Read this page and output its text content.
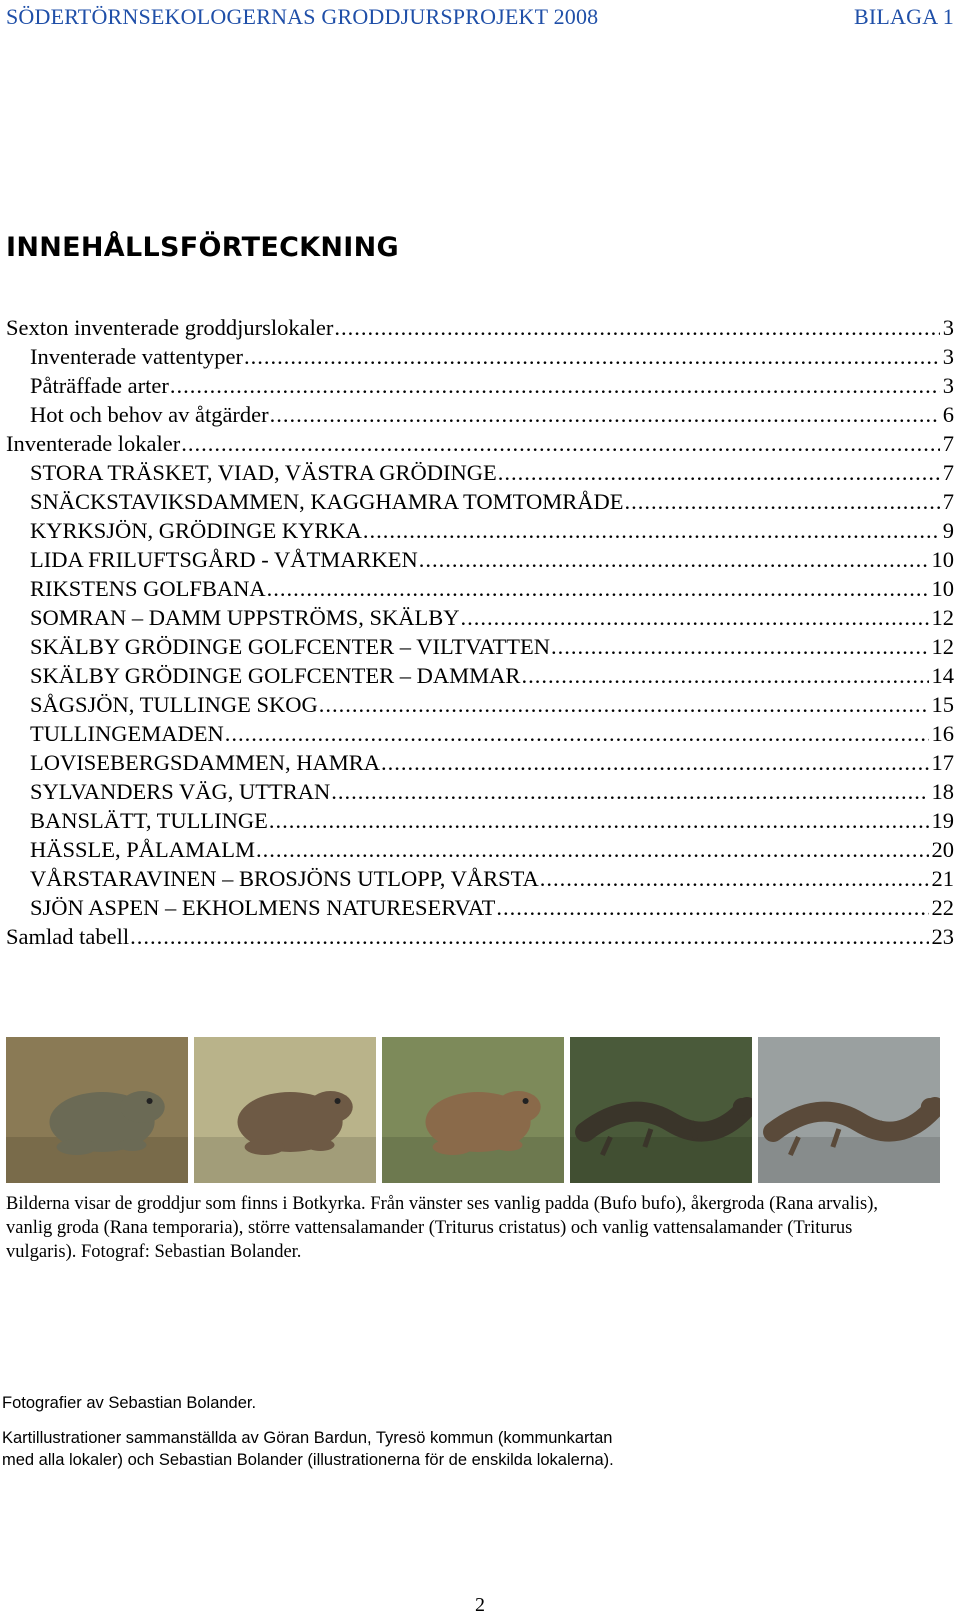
SÖDERTÖRNSEKOLOGERNAS GRODDJURSPROJEKT 2008	BILAGA 1
INNEHÅLLSFÖRTECKNING
Sexton inventerade groddjurslokaler .....	3
Inventerade vattentyper .....	3
Påträffade arter .....	3
Hot och behov av åtgärder .....	6
Inventerade lokaler .....	7
STORA TRÄSKET, VIAD, VÄSTRA GRÖDINGE .....	7
SNÄCKSTAVIKSDAMMEN, KAGGHAMRA TOMTOMRÅDE .....	7
KYRKSJÖN, GRÖDINGE KYRKA .....	9
LIDA FRILUFTSGÅRD - VÅTMARKEN .....	10
RIKSTENS GOLFBANA .....	10
SOMRAN – DAMM UPPSTRÖMS, SKÄLBY .....	12
SKÄLBY GRÖDINGE GOLFCENTER – VILTVATTEN .....	12
SKÄLBY GRÖDINGE GOLFCENTER – DAMMAR .....	14
SÅGSJÖN, TULLINGE SKOG .....	15
TULLINGEMADEN .....	16
LOVISEBERGSDAMMEN, HAMRA .....	17
SYLVANDERS VÄG, UTTRAN .....	18
BANSLÄTT, TULLINGE .....	19
HÄSSLE, PÅLAMALM .....	20
VÅRSTARAVINEN – BROSJÖNS UTLOPP, VÅRSTA .....	21
SJÖN ASPEN – EKHOLMENS NATURESERVAT .....	22
Samlad tabell .....	23
Bilderna visar de groddjur som finns i Botkyrka. Från vänster ses vanlig padda (Bufo bufo), åkergroda (Rana arvalis), vanlig groda (Rana temporaria), större vattensalamander (Triturus cristatus) och vanlig vattensalamander (Triturus vulgaris). Fotograf: Sebastian Bolander.
Fotografier av Sebastian Bolander.
Kartillustrationer sammanställda av Göran Bardun, Tyresö kommun (kommunkartan med alla lokaler) och Sebastian Bolander (illustrationerna för de enskilda lokalerna).
2
